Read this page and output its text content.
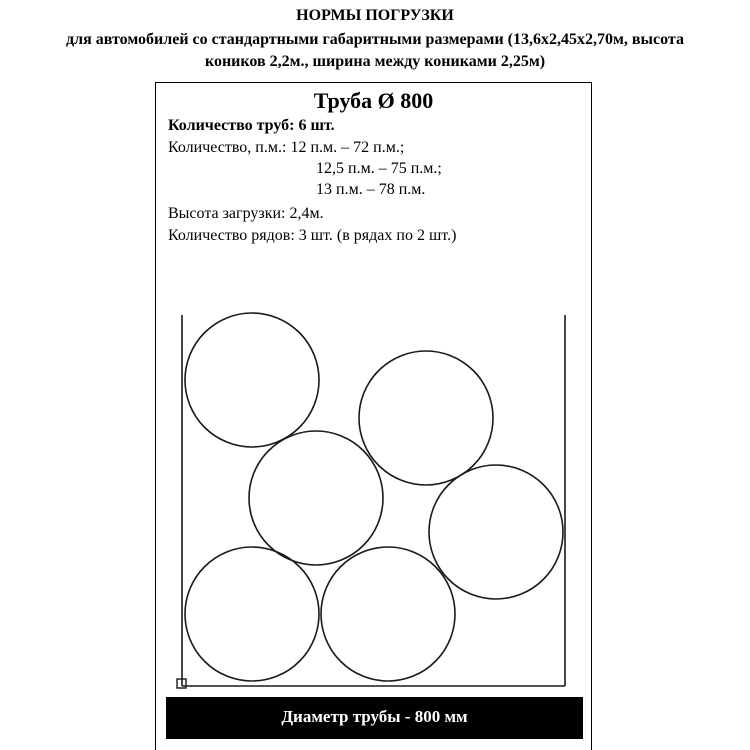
НОРМЫ ПОГРУЗКИ
для автомобилей со стандартными габаритными размерами (13,6х2,45х2,70м, высота
коников 2,2м., ширина между кониками 2,25м)
Труба Ø 800
Количество труб: 6 шт.
Количество, п.м.: 12 п.м. – 72 п.м.;
12,5 п.м. – 75 п.м.;
13 п.м. – 78 п.м.
Высота загрузки: 2,4м.
Количество рядов: 3 шт. (в рядах по 2 шт.)
Диаметр трубы - 800 мм
